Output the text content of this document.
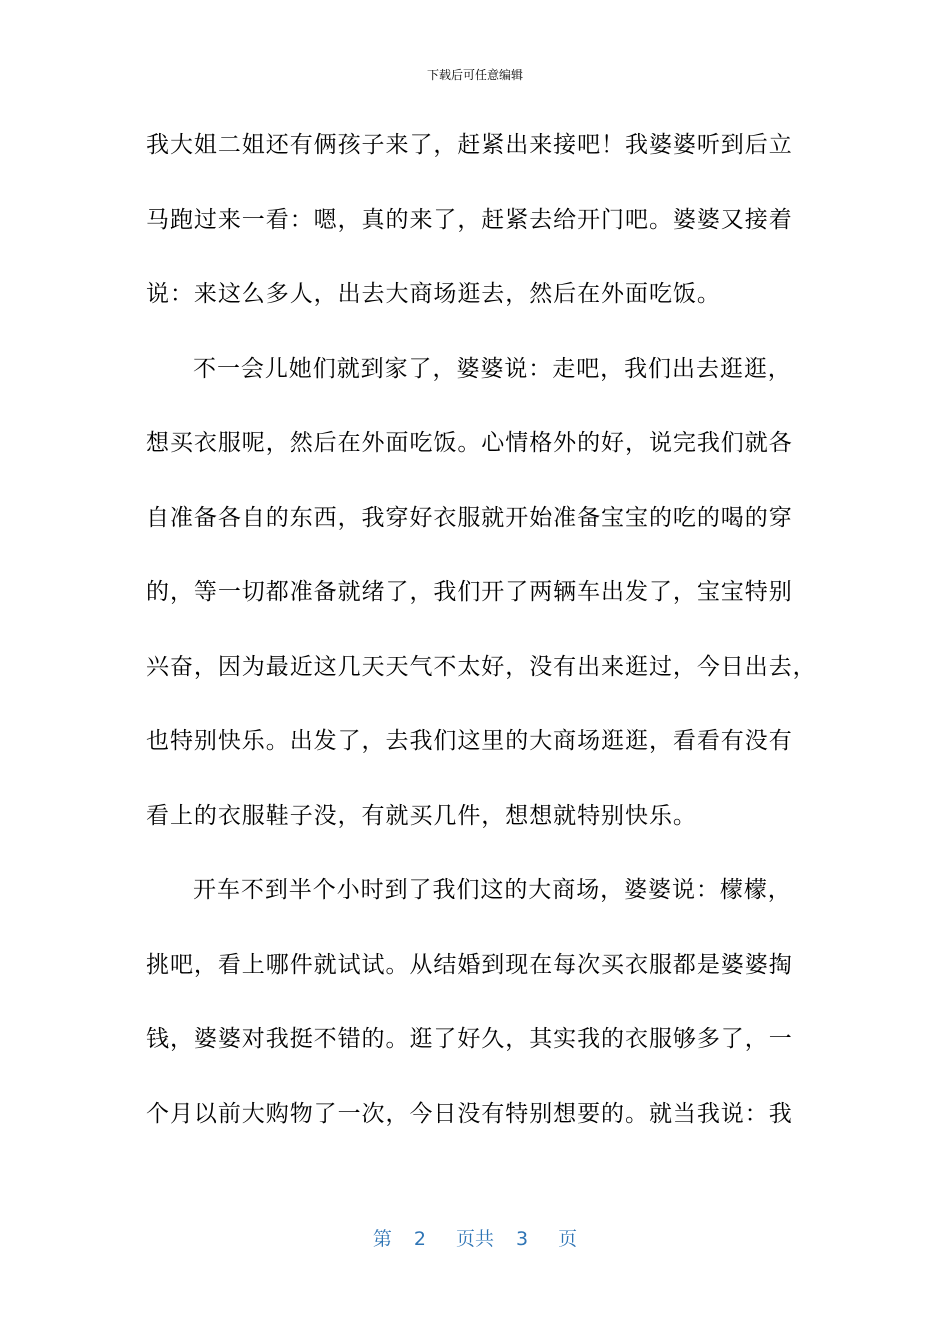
下载后可任意编辑
我大姐二姐还有俩孩子来了，赶紧出来接吧！我婆婆听到后立
马跑过来一看：嗯，真的来了，赶紧去给开门吧。婆婆又接着
说：来这么多人，出去大商场逛去，然后在外面吃饭。
不一会儿她们就到家了，婆婆说：走吧，我们出去逛逛，
想买衣服呢，然后在外面吃饭。心情格外的好，说完我们就各
自准备各自的东西，我穿好衣服就开始准备宝宝的吃的喝的穿
的，等一切都准备就绪了，我们开了两辆车出发了，宝宝特别
兴奋，因为最近这几天天气不太好，没有出来逛过，今日出去，
也特别快乐。出发了，去我们这里的大商场逛逛，看看有没有
看上的衣服鞋子没，有就买几件，想想就特别快乐。
开车不到半个小时到了我们这的大商场，婆婆说：檬檬，
挑吧，看上哪件就试试。从结婚到现在每次买衣服都是婆婆掏
钱，婆婆对我挺不错的。逛了好久，其实我的衣服够多了，一
个月以前大购物了一次，今日没有特别想要的。就当我说：我
第 2 页共 3 页
